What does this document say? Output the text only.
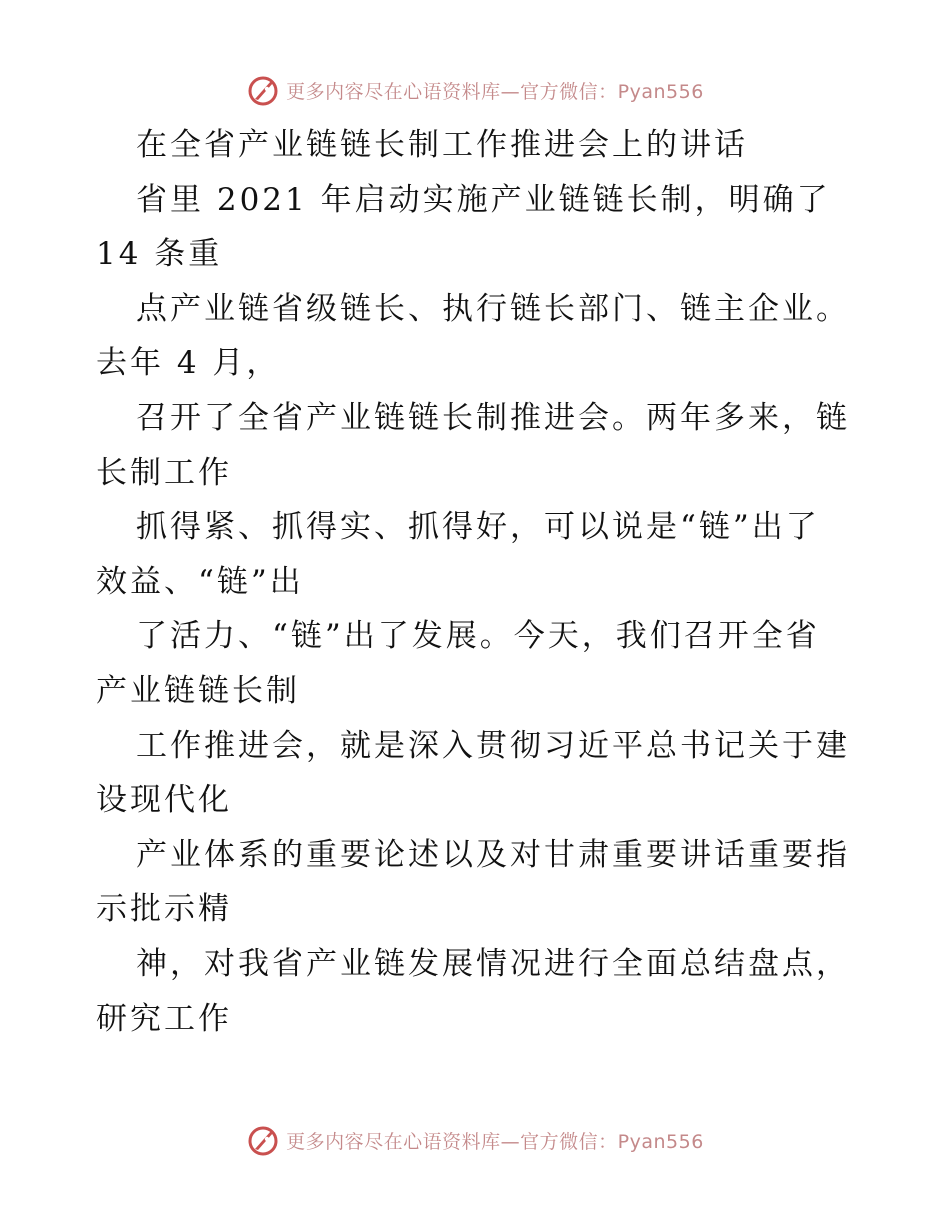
更多内容尽在心语资料库—官方微信：Pyan556
在全省产业链链长制工作推进会上的讲话
省里 2021 年启动实施产业链链长制，明确了
14 条重
点产业链省级链长、执行链长部门、链主企业。
去年 4 月，
召开了全省产业链链长制推进会。两年多来，链
长制工作
抓得紧、抓得实、抓得好，可以说是“链”出了
效益、“链”出
了活力、“链”出了发展。今天，我们召开全省
产业链链长制
工作推进会，就是深入贯彻习近平总书记关于建
设现代化
产业体系的重要论述以及对甘肃重要讲话重要指
示批示精
神，对我省产业链发展情况进行全面总结盘点，
研究工作
更多内容尽在心语资料库—官方微信：Pyan556
